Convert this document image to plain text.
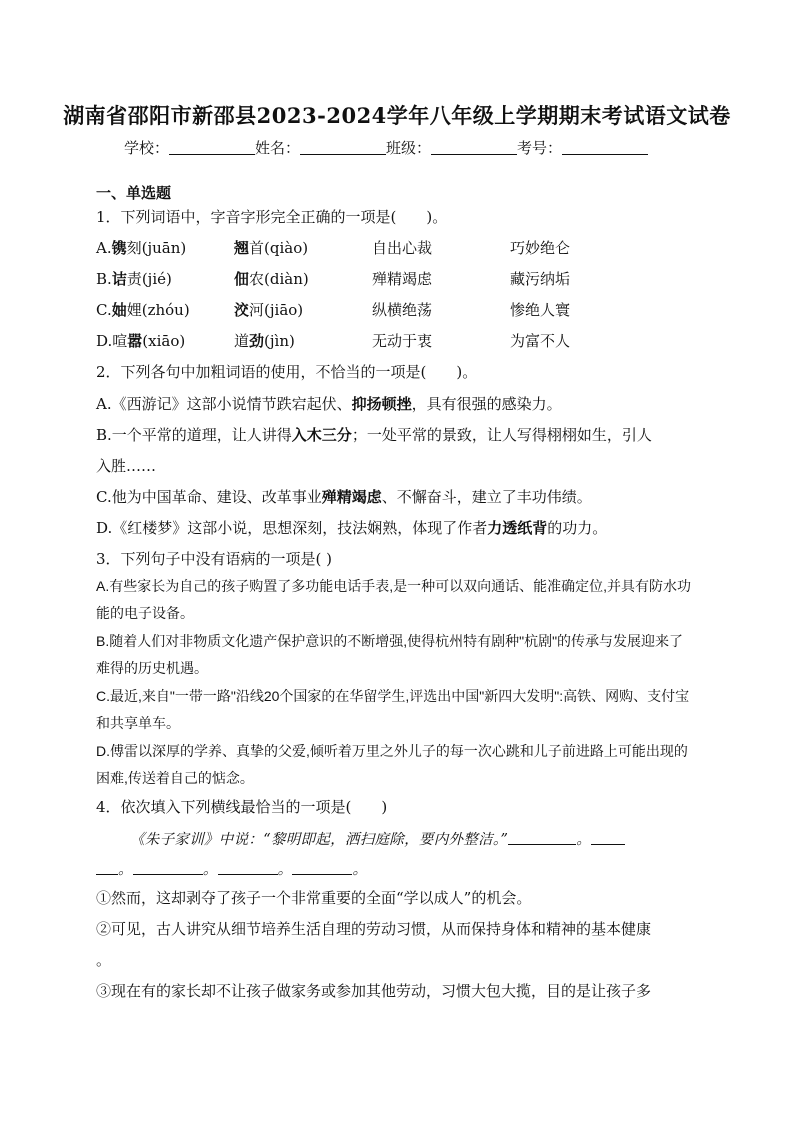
湖南省邵阳市新邵县2023-2024学年八年级上学期期末考试语文试卷
学校：	姓名：	班级：	考号：
一、单选题
1．下列词语中，字音字形完全正确的一项是(　　)。
A.镌刻(juān)	翘首(qiào)	自出心裁	巧妙绝仑
B.诘责(jié)	佃农(diàn)	殚精竭虑	藏污纳垢
C.妯娌(zhóu)	洨河(jiāo)	纵横绝荡	惨绝人寰
D.喧嚣(xiāo)	道劲(jìn)	无动于衷	为富不人
2．下列各句中加粗词语的使用，不恰当的一项是(　　)。
A.《西游记》这部小说情节跌宕起伏、抑扬顿挫，具有很强的感染力。
B.一个平常的道理，让人讲得入木三分；一处平常的景致，让人写得栩栩如生，引人
入胜……
C.他为中国革命、建设、改革事业殚精竭虑、不懈奋斗，建立了丰功伟绩。
D.《红楼梦》这部小说，思想深刻，技法娴熟，体现了作者力透纸背的功力。
3．下列句子中没有语病的一项是( )
A.有些家长为自己的孩子购置了多功能电话手表,是一种可以双向通话、能准确定位,并具有防水功
能的电子设备。
B.随着人们对非物质文化遗产保护意识的不断增强,使得杭州特有剧种"杭剧"的传承与发展迎来了
难得的历史机遇。
C.最近,来自"一带一路"沿线20个国家的在华留学生,评选出中国"新四大发明":高铁、网购、支付宝
和共享单车。
D.傅雷以深厚的学养、真挚的父爱,倾听着万里之外儿子的每一次心跳和儿子前进路上可能出现的
困难,传送着自己的惦念。
4．依次填入下列横线最恰当的一项是(　　)
《朱子家训》中说：“黎明即起，洒扫庭除，要内外整洁。”	。
。	。	。	。
①然而，这却剥夺了孩子一个非常重要的全面“学以成人”的机会。
②可见，古人讲究从细节培养生活自理的劳动习惯，从而保持身体和精神的基本健康
。
③现在有的家长却不让孩子做家务或参加其他劳动，习惯大包大揽，目的是让孩子多
